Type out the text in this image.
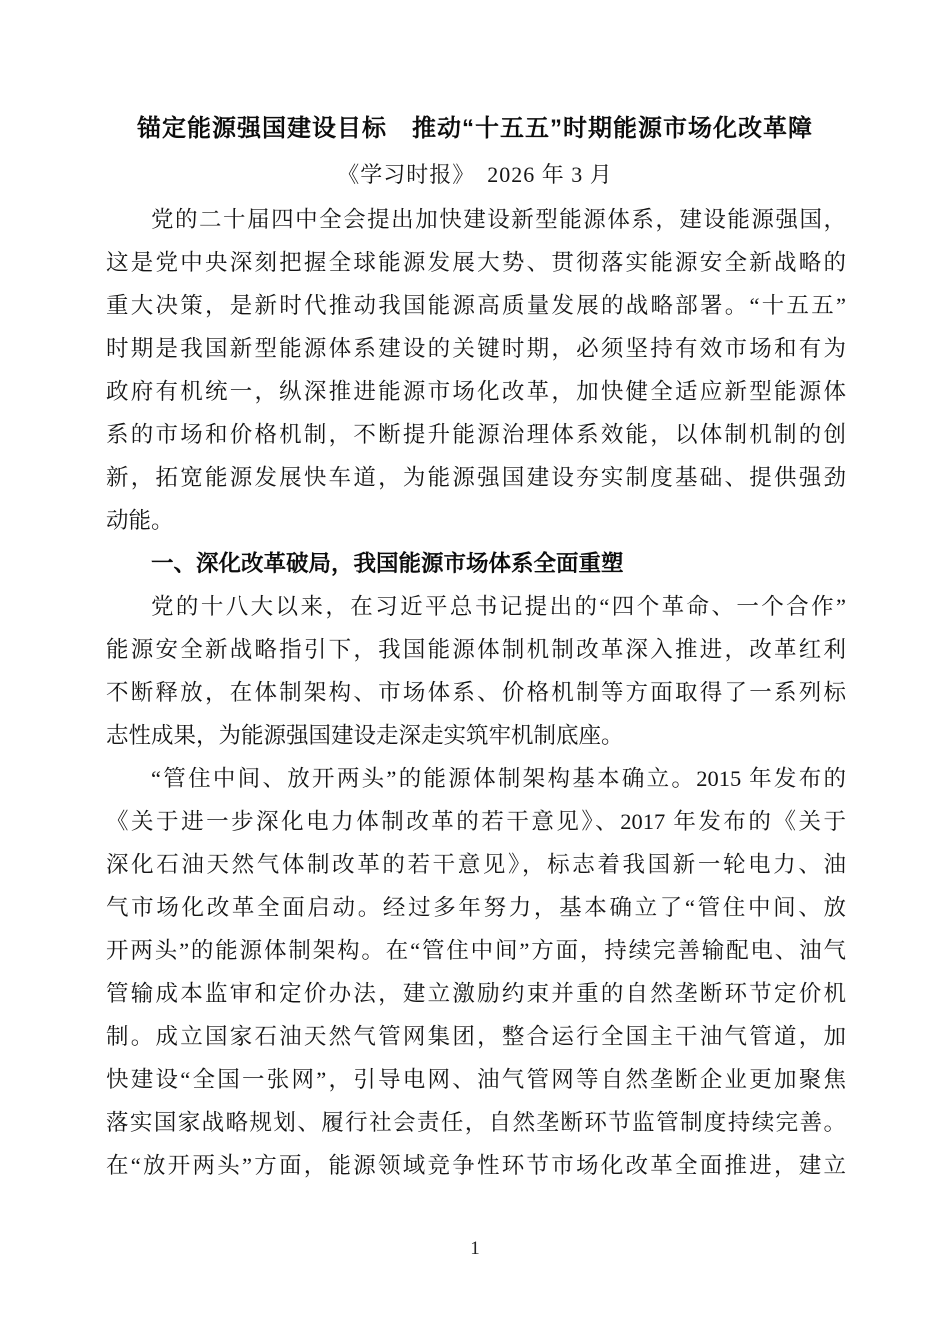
锚定能源强国建设目标　推动“十五五”时期能源市场化改革障
《学习时报》　2026 年 3 月
党的二十届四中全会提出加快建设新型能源体系，建设能源强国，
这是党中央深刻把握全球能源发展大势、贯彻落实能源安全新战略的
重大决策，是新时代推动我国能源高质量发展的战略部署。“十五五”
时期是我国新型能源体系建设的关键时期，必须坚持有效市场和有为
政府有机统一，纵深推进能源市场化改革，加快健全适应新型能源体
系的市场和价格机制，不断提升能源治理体系效能，以体制机制的创
新，拓宽能源发展快车道，为能源强国建设夯实制度基础、提供强劲
动能。
一、深化改革破局，我国能源市场体系全面重塑
党的十八大以来，在习近平总书记提出的“四个革命、一个合作”
能源安全新战略指引下，我国能源体制机制改革深入推进，改革红利
不断释放，在体制架构、市场体系、价格机制等方面取得了一系列标
志性成果，为能源强国建设走深走实筑牢机制底座。
“管住中间、放开两头”的能源体制架构基本确立。2015 年发布的
《关于进一步深化电力体制改革的若干意见》、2017 年发布的《关于
深化石油天然气体制改革的若干意见》，标志着我国新一轮电力、油
气市场化改革全面启动。经过多年努力，基本确立了“管住中间、放
开两头”的能源体制架构。在“管住中间”方面，持续完善输配电、油气
管输成本监审和定价办法，建立激励约束并重的自然垄断环节定价机
制。成立国家石油天然气管网集团，整合运行全国主干油气管道，加
快建设“全国一张网”，引导电网、油气管网等自然垄断企业更加聚焦
落实国家战略规划、履行社会责任，自然垄断环节监管制度持续完善。
在“放开两头”方面，能源领域竞争性环节市场化改革全面推进，建立
1
